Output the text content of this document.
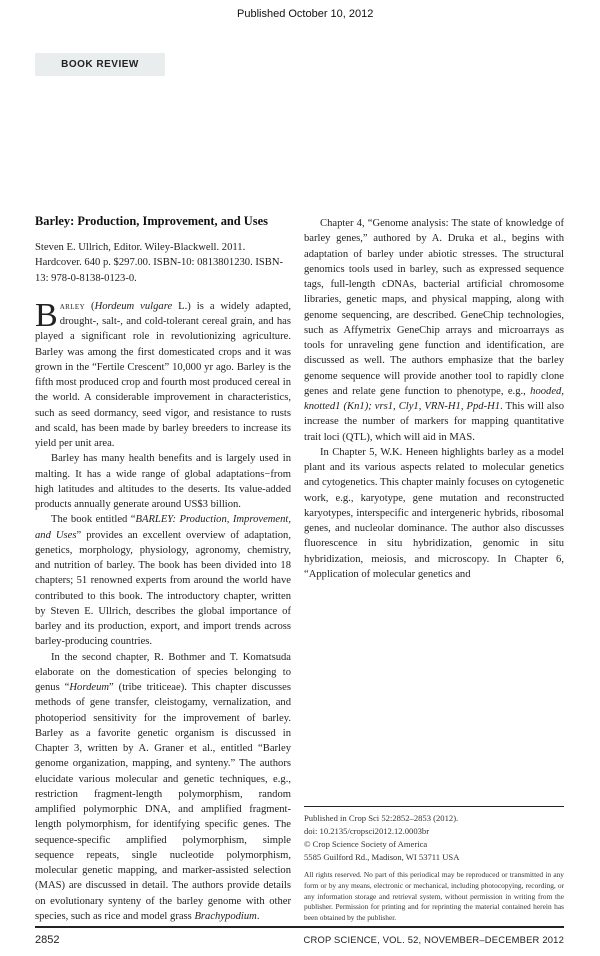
Published October 10, 2012
BOOK REVIEW
Barley: Production, Improvement, and Uses
Steven E. Ullrich, Editor. Wiley-Blackwell. 2011. Hardcover. 640 p. $297.00. ISBN-10: 0813801230. ISBN-13: 978-0-8138-0123-0.

Barley (Hordeum vulgare L.) is a widely adapted, drought-, salt-, and cold-tolerant cereal grain, and has played a significant role in revolutionizing agriculture. Barley was among the first domesticated crops and it was grown in the “Fertile Crescent” 10,000 yr ago. Barley is the fifth most produced crop and fourth most produced cereal in the world. A considerable improvement in characteristics, such as seed dormancy, seed vigor, and resistance to rusts and scald, has been made by barley breeders to increase its yield per unit area.

Barley has many health benefits and is largely used in malting. It has a wide range of global adaptations−from high latitudes and altitudes to the deserts. Its value-added products annually generate around US$3 billion.

The book entitled “BARLEY: Production, Improvement, and Uses” provides an excellent overview of adaptation, genetics, morphology, physiology, agronomy, chemistry, and nutrition of barley. The book has been divided into 18 chapters; 51 renowned experts from around the world have contributed to this book. The introductory chapter, written by Steven E. Ullrich, describes the global importance of barley and its production, export, and import trends across barley-producing countries.

In the second chapter, R. Bothmer and T. Komatsuda elaborate on the domestication of species belonging to genus “Hordeum” (tribe triticeae). This chapter discusses methods of gene transfer, cleistogamy, vernalization, and photoperiod sensitivity for the improvement of barley. Barley as a favorite genetic organism is discussed in Chapter 3, written by A. Graner et al., entitled “Barley genome organization, mapping, and synteny.” The authors elucidate various molecular and genetic techniques, e.g., restriction fragment-length polymorphism, random amplified polymorphic DNA, and amplified fragment-length polymorphism, for identifying specific genes. The sequence-specific amplified polymorphism, simple sequence repeats, single nucleotide polymorphism, molecular genetic mapping, and marker-assisted selection (MAS) are discussed in detail. The authors provide details on evolutionary synteny of the barley genome with other species, such as rice and model grass Brachypodium.

Chapter 4, “Genome analysis: The state of knowledge of barley genes,” authored by A. Druka et al., begins with adaptation of barley under abiotic stresses. The structural genomics tools used in barley, such as expressed sequence tags, full-length cDNAs, bacterial artificial chromosome libraries, genetic maps, and physical mapping, along with genome sequencing, are described. GeneChip technologies, such as Affymetrix GeneChip arrays and microarrays as tools for unraveling gene function and identification, are discussed as well. The authors emphasize that the barley genome sequence will provide another tool to rapidly clone genes and relate gene function to phenotype, e.g., hooded, knotted1 (Kn1); vrs1, Cly1, VRN-H1, Ppd-H1. This will also increase the number of markers for mapping quantitative trait loci (QTL), which will aid in MAS.

In Chapter 5, W.K. Heneen highlights barley as a model plant and its various aspects related to molecular genetics and cytogenetics. This chapter mainly focuses on cytogenetic work, e.g., karyotype, gene mutation and reconstructed karyotypes, interspecific and intergeneric hybrids, ribosomal genes, and nucleolar dominance. The author also discusses fluorescence in situ hybridization, genomic in situ hybridization, meiosis, and microscopy. In Chapter 6, “Application of molecular genetics and

Published in Crop Sci 52:2852–2853 (2012).
doi: 10.2135/cropsci2012.12.0003br
© Crop Science Society of America
5585 Guilford Rd., Madison, WI 53711 USA
All rights reserved. No part of this periodical may be reproduced or transmitted in any form or by any means, electronic or mechanical, including photocopying, recording, or any information storage and retrieval system, without permission in writing from the publisher. Permission for printing and for reprinting the material contained herein has been obtained by the publisher.
2852	CROP SCIENCE, VOL. 52, NOVEMBER–DECEMBER 2012
